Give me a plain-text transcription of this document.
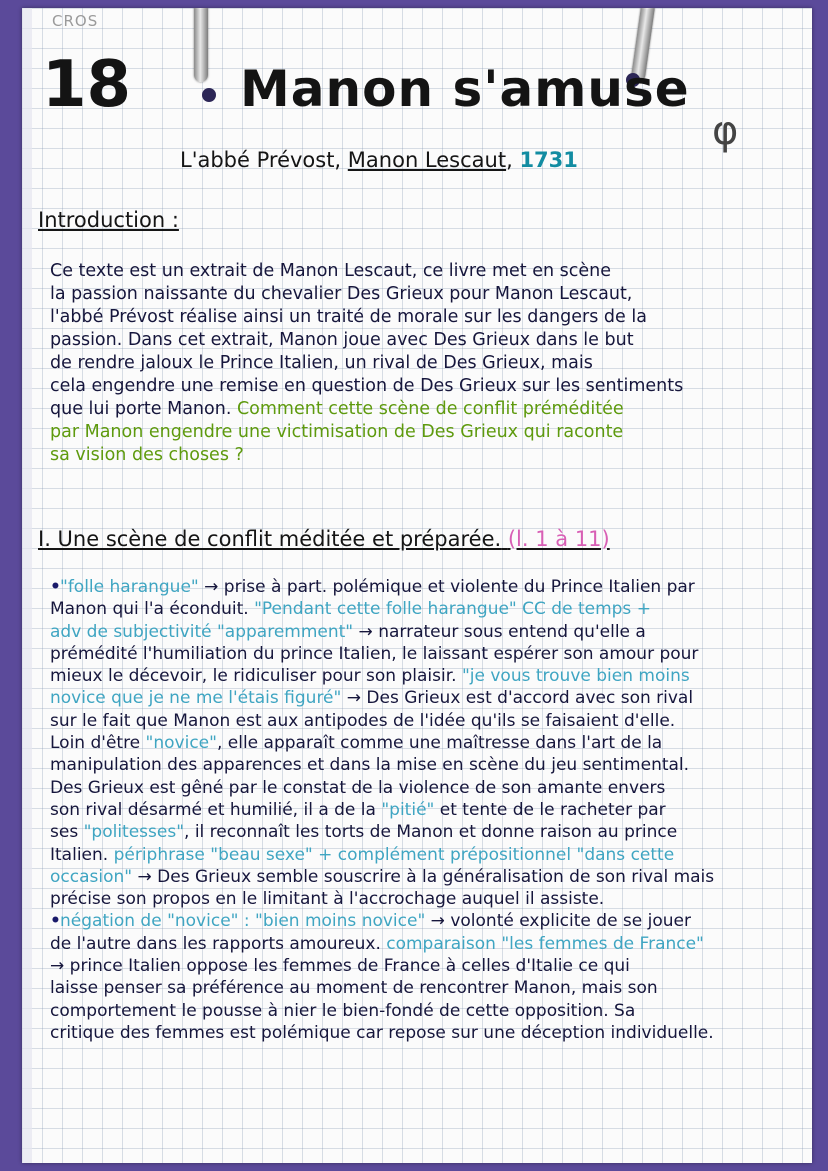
CROS
18 Manon s'amuse
φ
L'abbé Prévost, Manon Lescaut, 1731
Introduction :
Ce texte est un extrait de Manon Lescaut, ce livre met en scène
la passion naissante du chevalier Des Grieux pour Manon Lescaut,
l'abbé Prévost réalise ainsi un traité de morale sur les dangers de la
passion. Dans cet extrait, Manon joue avec Des Grieux dans le but
de rendre jaloux le Prince Italien, un rival de Des Grieux, mais
cela engendre une remise en question de Des Grieux sur les sentiments
que lui porte Manon. Comment cette scène de conflit préméditée
par Manon engendre une victimisation de Des Grieux qui raconte
sa vision des choses ?
I. Une scène de conflit méditée et préparée. (l. 1 à 11)
•"folle harangue" → prise à part. polémique et violente du Prince Italien par
Manon qui l'a éconduit. "Pendant cette folle harangue" CC de temps +
adv de subjectivité "apparemment" → narrateur sous entend qu'elle a
prémédité l'humiliation du prince Italien, le laissant espérer son amour pour
mieux le décevoir, le ridiculiser pour son plaisir. "je vous trouve bien moins
novice que je ne me l'étais figuré" → Des Grieux est d'accord avec son rival
sur le fait que Manon est aux antipodes de l'idée qu'ils se faisaient d'elle.
Loin d'être "novice", elle apparaît comme une maîtresse dans l'art de la
manipulation des apparences et dans la mise en scène du jeu sentimental.
Des Grieux est gêné par le constat de la violence de son amante envers
son rival désarmé et humilié, il a de la "pitié" et tente de le racheter par
ses "politesses", il reconnaît les torts de Manon et donne raison au prince
Italien. périphrase "beau sexe" + complément prépositionnel "dans cette
occasion" → Des Grieux semble souscrire à la généralisation de son rival mais
précise son propos en le limitant à l'accrochage auquel il assiste.
•négation de "novice" : "bien moins novice" → volonté explicite de se jouer
de l'autre dans les rapports amoureux. comparaison "les femmes de France"
→ prince Italien oppose les femmes de France à celles d'Italie ce qui
laisse penser sa préférence au moment de rencontrer Manon, mais son
comportement le pousse à nier le bien-fondé de cette opposition. Sa
critique des femmes est polémique car repose sur une déception individuelle.
